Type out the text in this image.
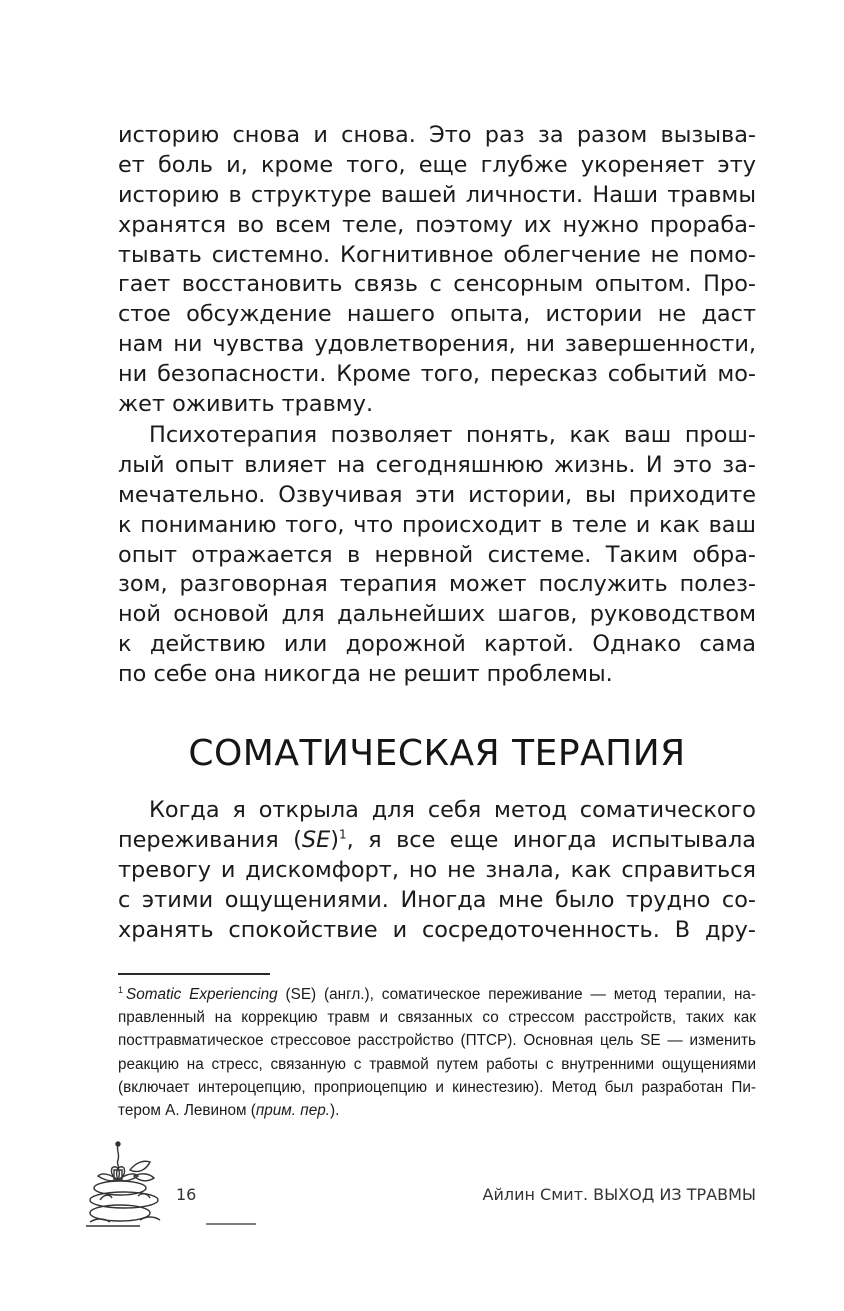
историю снова и снова. Это раз за разом вызыва-
ет боль и, кроме того, еще глубже укореняет эту
историю в структуре вашей личности. Наши травмы
хранятся во всем теле, поэтому их нужно прораба-
тывать системно. Когнитивное облегчение не помо-
гает восстановить связь с сенсорным опытом. Про-
стое обсуждение нашего опыта, истории не даст
нам ни чувства удовлетворения, ни завершенности,
ни безопасности. Кроме того, пересказ событий мо-
жет оживить травму.
Психотерапия позволяет понять, как ваш прош-
лый опыт влияет на сегодняшнюю жизнь. И это за-
мечательно. Озвучивая эти истории, вы приходите
к пониманию того, что происходит в теле и как ваш
опыт отражается в нервной системе. Таким обра-
зом, разговорная терапия может послужить полез-
ной основой для дальнейших шагов, руководством
к действию или дорожной картой. Однако сама
по себе она никогда не решит проблемы.
СОМАТИЧЕСКАЯ ТЕРАПИЯ
Когда я открыла для себя метод соматического
переживания (SE)$^1$, я все еще иногда испытывала
тревогу и дискомфорт, но не знала, как справиться
с этими ощущениями. Иногда мне было трудно со-
хранять спокойствие и сосредоточенность. В дру-
$^1$ Somatic Experiencing (SE) (англ.), соматическое переживание — метод терапии, на-
правленный на коррекцию травм и связанных со стрессом расстройств, таких как
посттравматическое стрессовое расстройство (ПТСР). Основная цель SE — изменить
реакцию на стресс, связанную с травмой путем работы с внутренними ощущениями
(включает интероцепцию, проприоцепцию и кинестезию). Метод был разработан Пи-
тером А. Левином (прим. пер.).
16	Айлин Смит. ВЫХОД ИЗ ТРАВМЫ
